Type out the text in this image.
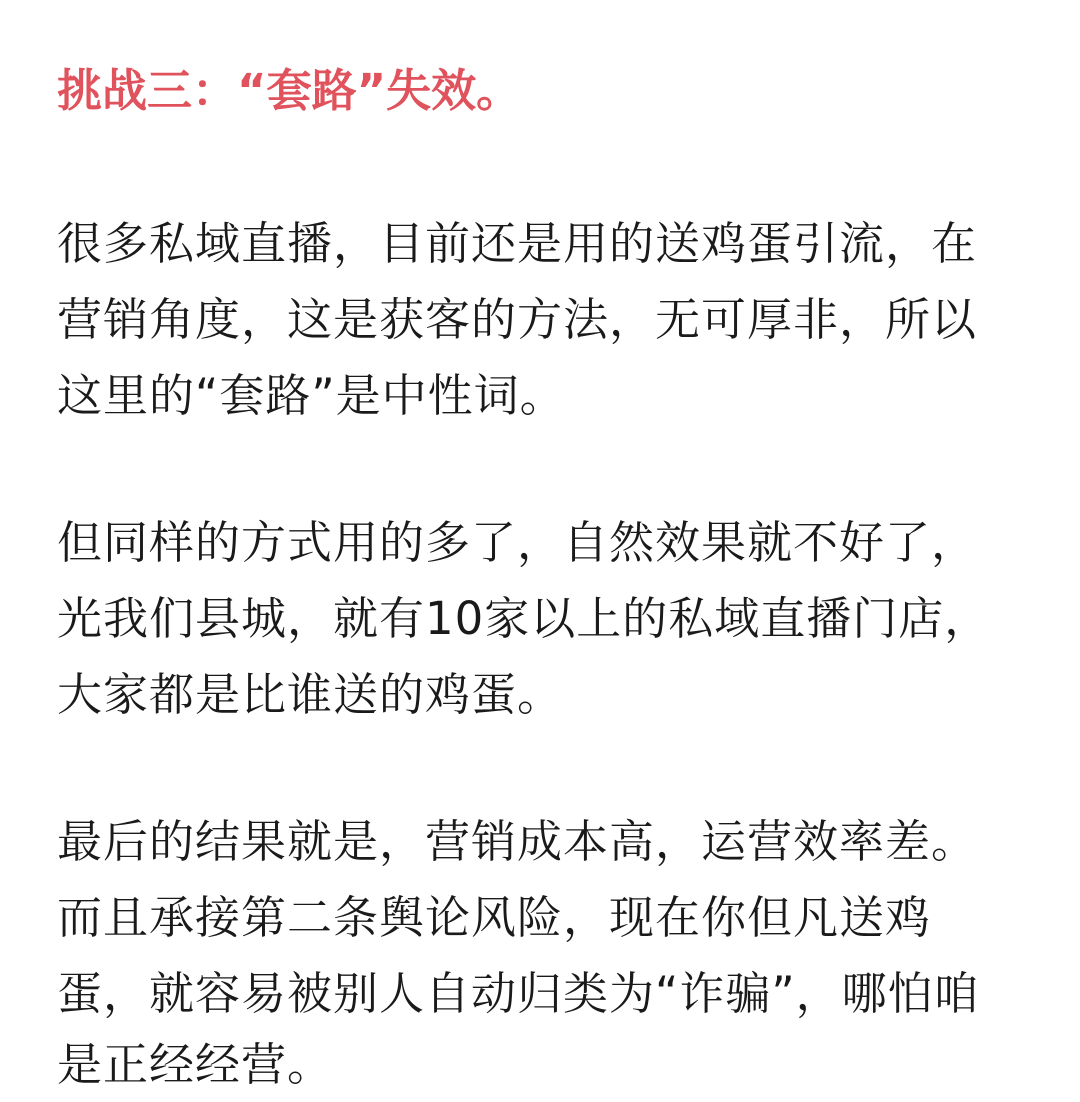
挑战三：“套路”失效。

很多私域直播，目前还是用的送鸡蛋引流，在

营销角度，这是获客的方法，无可厚非，所以

这里的“套路”是中性词。

但同样的方式用的多了，自然效果就不好了，

光我们县城，就有10家以上的私域直播门店，

大家都是比谁送的鸡蛋。

最后的结果就是，营销成本高，运营效率差。

而且承接第二条舆论风险，现在你但凡送鸡

蛋，就容易被别人自动归类为“诈骗”，哪怕咱

是正经经营。
